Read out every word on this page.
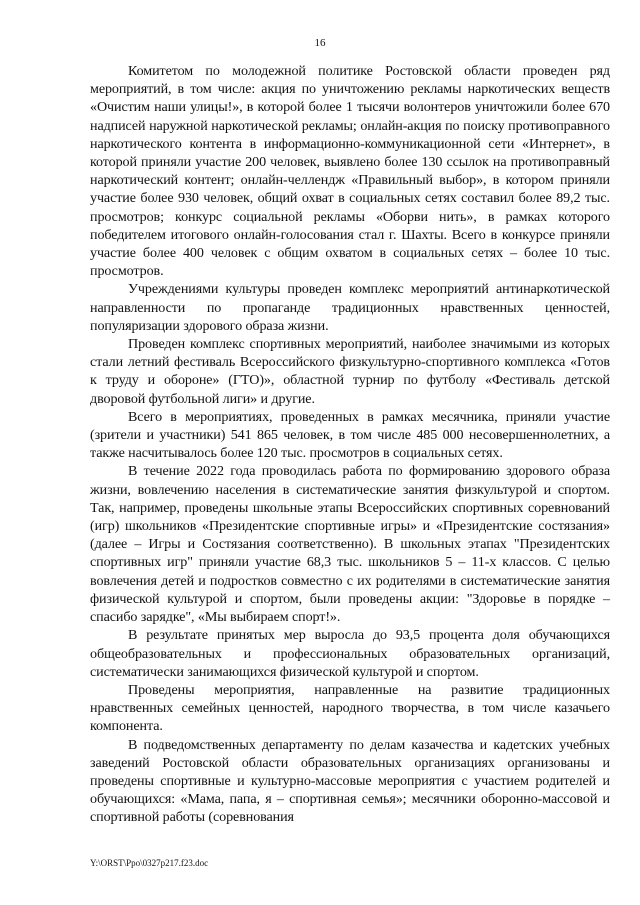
16

Комитетом по молодежной политике Ростовской области проведен ряд мероприятий, в том числе: акция по уничтожению рекламы наркотических веществ «Очистим наши улицы!», в которой более 1 тысячи волонтеров уничтожили более 670 надписей наружной наркотической рекламы; онлайн-акция по поиску противоправного наркотического контента в информационно-коммуникационной сети «Интернет», в которой приняли участие 200 человек, выявлено более 130 ссылок на противоправный наркотический контент; онлайн-челлендж «Правильный выбор», в котором приняли участие более 930 человек, общий охват в социальных сетях составил более 89,2 тыс. просмотров; конкурс социальной рекламы «Оборви нить», в рамках которого победителем итогового онлайн-голосования стал г. Шахты. Всего в конкурсе приняли участие более 400 человек с общим охватом в социальных сетях – более 10 тыс. просмотров.

Учреждениями культуры проведен комплекс мероприятий антинаркотической направленности по пропаганде традиционных нравственных ценностей, популяризации здорового образа жизни.

Проведен комплекс спортивных мероприятий, наиболее значимыми из которых стали летний фестиваль Всероссийского физкультурно-спортивного комплекса «Готов к труду и обороне» (ГТО)», областной турнир по футболу «Фестиваль детской дворовой футбольной лиги» и другие.

Всего в мероприятиях, проведенных в рамках месячника, приняли участие (зрители и участники) 541 865 человек, в том числе 485 000 несовершеннолетних, а также насчитывалось более 120 тыс. просмотров в социальных сетях.

В течение 2022 года проводилась работа по формированию здорового образа жизни, вовлечению населения в систематические занятия физкультурой и спортом. Так, например, проведены школьные этапы Всероссийских спортивных соревнований (игр) школьников «Президентские спортивные игры» и «Президентские состязания» (далее – Игры и Состязания соответственно). В школьных этапах "Президентских спортивных игр" приняли участие 68,3 тыс. школьников 5 – 11-х классов. С целью вовлечения детей и подростков совместно с их родителями в систематические занятия физической культурой и спортом, были проведены акции: "Здоровье в порядке – спасибо зарядке", «Мы выбираем спорт!».

В результате принятых мер выросла до 93,5 процента доля обучающихся общеобразовательных и профессиональных образовательных организаций, систематически занимающихся физической культурой и спортом.

Проведены мероприятия, направленные на развитие традиционных нравственных семейных ценностей, народного творчества, в том числе казачьего компонента.

В подведомственных департаменту по делам казачества и кадетских учебных заведений Ростовской области образовательных организациях организованы и проведены спортивные и культурно-массовые мероприятия с участием родителей и обучающихся: «Мама, папа, я – спортивная семья»; месячники оборонно-массовой и спортивной работы (соревнования

Y:\ORST\Ppo\0327p217.f23.doc
